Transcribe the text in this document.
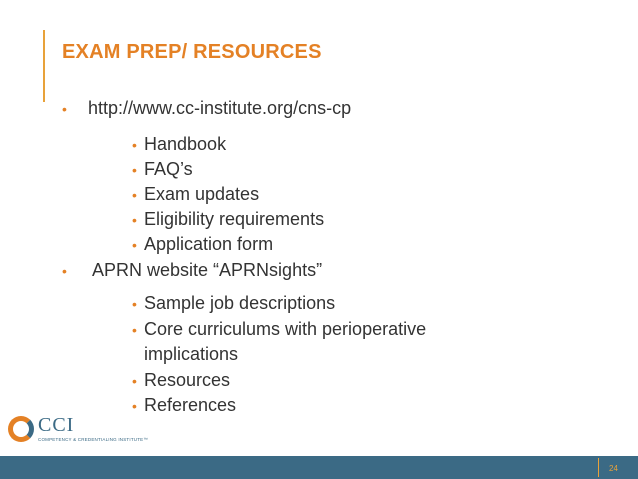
EXAM PREP/ RESOURCES
•	http://www.cc-institute.org/cns-cp
• Handbook
• FAQ’s
• Exam updates
• Eligibility requirements
• Application form
•	APRN website “APRNsights”
• Sample job descriptions
• Core curriculums with perioperative
implications
• Resources
• References
CCI
COMPETENCY & CREDENTIALING INSTITUTE™
24
